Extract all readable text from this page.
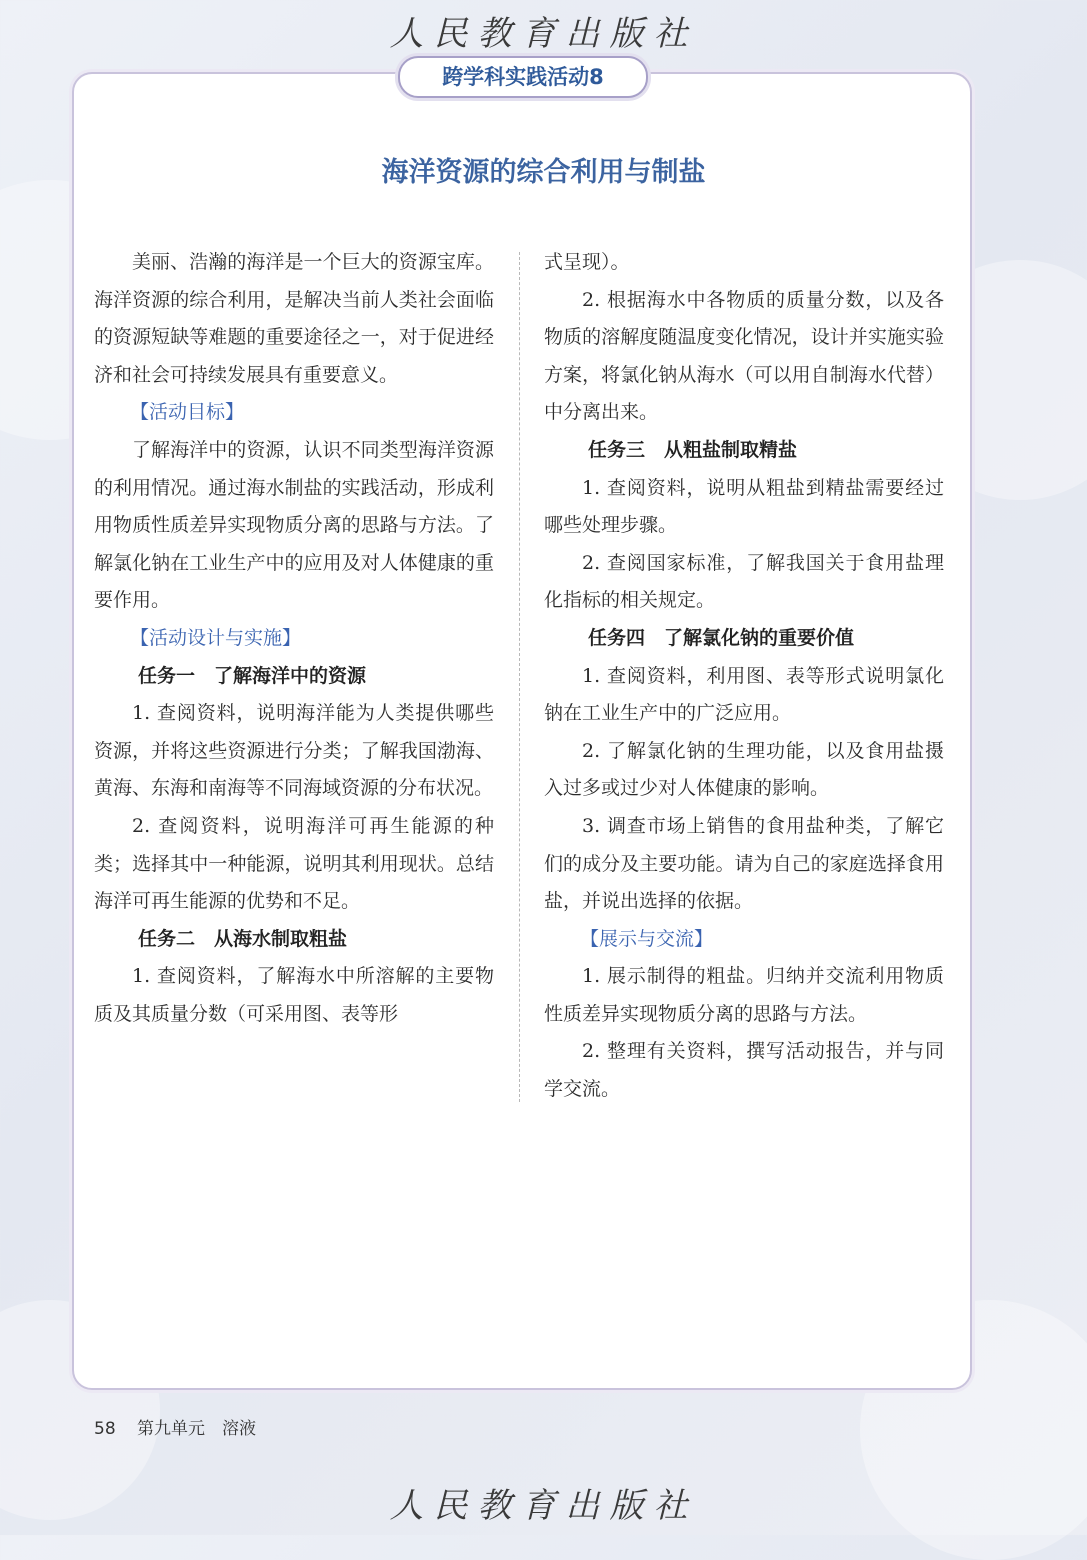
人民教育出版社
跨学科实践活动8
海洋资源的综合利用与制盐

美丽、浩瀚的海洋是一个巨大的资源宝库。海洋资源的综合利用，是解决当前人类社会面临的资源短缺等难题的重要途径之一，对于促进经济和社会可持续发展具有重要意义。

【活动目标】

了解海洋中的资源，认识不同类型海洋资源的利用情况。通过海水制盐的实践活动，形成利用物质性质差异实现物质分离的思路与方法。了解氯化钠在工业生产中的应用及对人体健康的重要作用。

【活动设计与实施】

任务一　了解海洋中的资源

1. 查阅资料，说明海洋能为人类提供哪些资源，并将这些资源进行分类；了解我国渤海、黄海、东海和南海等不同海域资源的分布状况。

2. 查阅资料，说明海洋可再生能源的种类；选择其中一种能源，说明其利用现状。总结海洋可再生能源的优势和不足。

任务二　从海水制取粗盐

1. 查阅资料，了解海水中所溶解的主要物质及其质量分数（可采用图、表等形

式呈现）。

2. 根据海水中各物质的质量分数，以及各物质的溶解度随温度变化情况，设计并实施实验方案，将氯化钠从海水（可以用自制海水代替）中分离出来。

任务三　从粗盐制取精盐

1. 查阅资料，说明从粗盐到精盐需要经过哪些处理步骤。

2. 查阅国家标准，了解我国关于食用盐理化指标的相关规定。

任务四　了解氯化钠的重要价值

1. 查阅资料，利用图、表等形式说明氯化钠在工业生产中的广泛应用。

2. 了解氯化钠的生理功能，以及食用盐摄入过多或过少对人体健康的影响。

3. 调查市场上销售的食用盐种类，了解它们的成分及主要功能。请为自己的家庭选择食用盐，并说出选择的依据。

【展示与交流】

1. 展示制得的粗盐。归纳并交流利用物质性质差异实现物质分离的思路与方法。

2. 整理有关资料，撰写活动报告，并与同学交流。

58 第九单元　溶液
人民教育出版社
